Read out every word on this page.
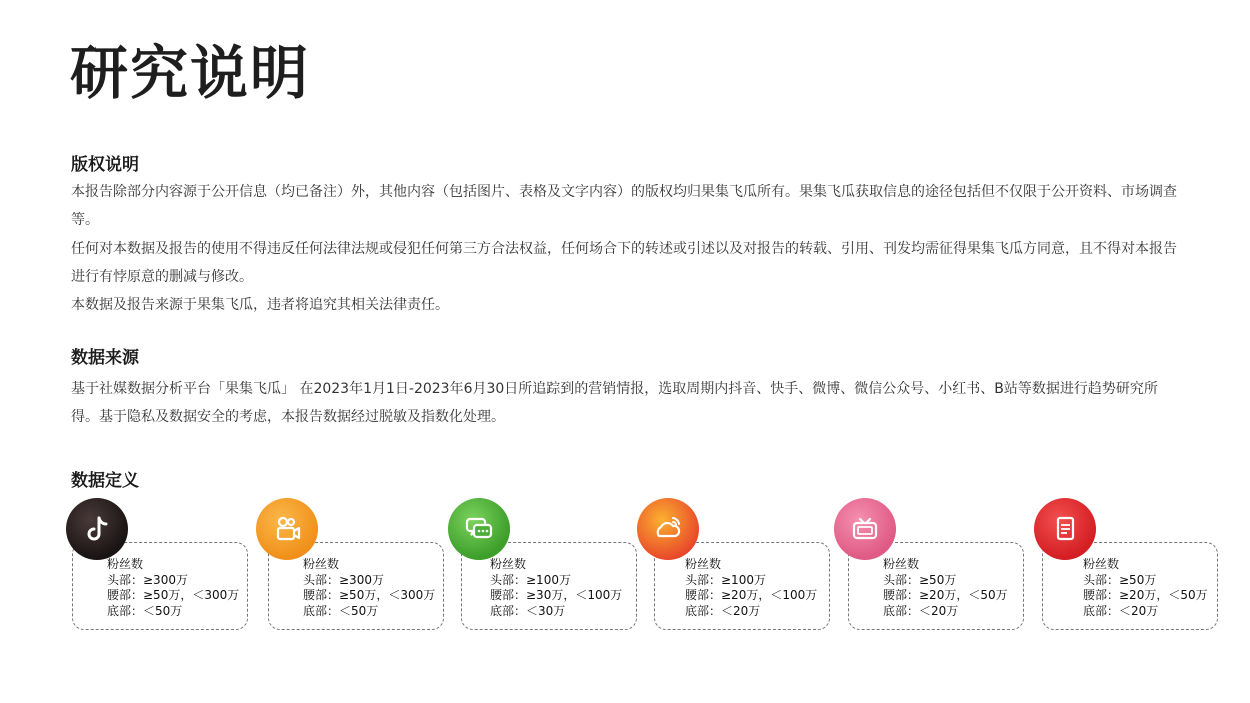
研究说明
版权说明

本报告除部分内容源于公开信息（均已备注）外，其他内容（包括图片、表格及文字内容）的版权均归果集飞瓜所有。果集飞瓜获取信息的途径包括但不仅限于公开资料、市场调查等。

任何对本数据及报告的使用不得违反任何法律法规或侵犯任何第三方合法权益，任何场合下的转述或引述以及对报告的转载、引用、刊发均需征得果集飞瓜方同意，且不得对本报告进行有悖原意的删减与修改。

本数据及报告来源于果集飞瓜，违者将追究其相关法律责任。

数据来源

基于社媒数据分析平台「果集飞瓜」 在2023年1月1日-2023年6月30日所追踪到的营销情报，选取周期内抖音、快手、微博、微信公众号、小红书、B站等数据进行趋势研究所得。基于隐私及数据安全的考虑，本报告数据经过脱敏及指数化处理。

数据定义
粉丝数
头部：≥300万
腰部：≥50万，＜300万
底部：＜50万
粉丝数
头部：≥300万
腰部：≥50万，＜300万
底部：＜50万
粉丝数
头部：≥100万
腰部：≥30万，＜100万
底部：＜30万
粉丝数
头部：≥100万
腰部：≥20万，＜100万
底部：＜20万
粉丝数
头部：≥50万
腰部：≥20万，＜50万
底部：＜20万
粉丝数
头部：≥50万
腰部：≥20万，＜50万
底部：＜20万
